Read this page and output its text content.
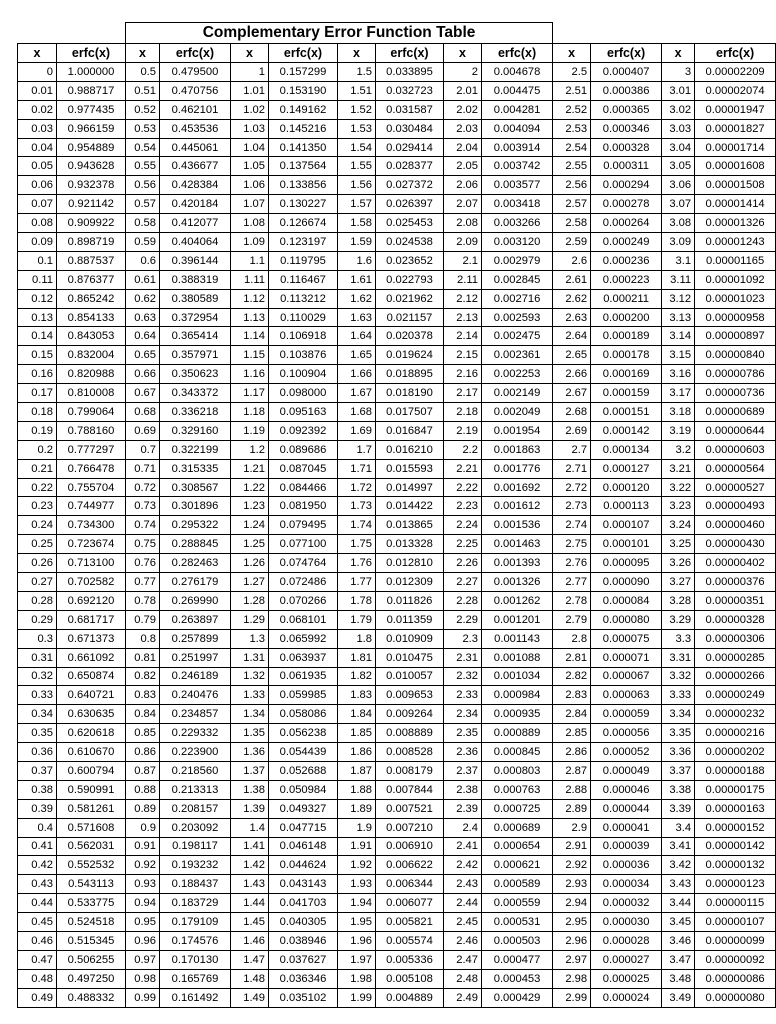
		Complementary Error Function Table											
x	erfc(x)	x	erfc(x)	x	erfc(x)	x	erfc(x)	x	erfc(x)	x	erfc(x)	x	erfc(x)
0	1.000000	0.5	0.479500	1	0.157299	1.5	0.033895	2	0.004678	2.5	0.000407	3	0.00002209
0.01	0.988717	0.51	0.470756	1.01	0.153190	1.51	0.032723	2.01	0.004475	2.51	0.000386	3.01	0.00002074
0.02	0.977435	0.52	0.462101	1.02	0.149162	1.52	0.031587	2.02	0.004281	2.52	0.000365	3.02	0.00001947
0.03	0.966159	0.53	0.453536	1.03	0.145216	1.53	0.030484	2.03	0.004094	2.53	0.000346	3.03	0.00001827
0.04	0.954889	0.54	0.445061	1.04	0.141350	1.54	0.029414	2.04	0.003914	2.54	0.000328	3.04	0.00001714
0.05	0.943628	0.55	0.436677	1.05	0.137564	1.55	0.028377	2.05	0.003742	2.55	0.000311	3.05	0.00001608
0.06	0.932378	0.56	0.428384	1.06	0.133856	1.56	0.027372	2.06	0.003577	2.56	0.000294	3.06	0.00001508
0.07	0.921142	0.57	0.420184	1.07	0.130227	1.57	0.026397	2.07	0.003418	2.57	0.000278	3.07	0.00001414
0.08	0.909922	0.58	0.412077	1.08	0.126674	1.58	0.025453	2.08	0.003266	2.58	0.000264	3.08	0.00001326
0.09	0.898719	0.59	0.404064	1.09	0.123197	1.59	0.024538	2.09	0.003120	2.59	0.000249	3.09	0.00001243
0.1	0.887537	0.6	0.396144	1.1	0.119795	1.6	0.023652	2.1	0.002979	2.6	0.000236	3.1	0.00001165
0.11	0.876377	0.61	0.388319	1.11	0.116467	1.61	0.022793	2.11	0.002845	2.61	0.000223	3.11	0.00001092
0.12	0.865242	0.62	0.380589	1.12	0.113212	1.62	0.021962	2.12	0.002716	2.62	0.000211	3.12	0.00001023
0.13	0.854133	0.63	0.372954	1.13	0.110029	1.63	0.021157	2.13	0.002593	2.63	0.000200	3.13	0.00000958
0.14	0.843053	0.64	0.365414	1.14	0.106918	1.64	0.020378	2.14	0.002475	2.64	0.000189	3.14	0.00000897
0.15	0.832004	0.65	0.357971	1.15	0.103876	1.65	0.019624	2.15	0.002361	2.65	0.000178	3.15	0.00000840
0.16	0.820988	0.66	0.350623	1.16	0.100904	1.66	0.018895	2.16	0.002253	2.66	0.000169	3.16	0.00000786
0.17	0.810008	0.67	0.343372	1.17	0.098000	1.67	0.018190	2.17	0.002149	2.67	0.000159	3.17	0.00000736
0.18	0.799064	0.68	0.336218	1.18	0.095163	1.68	0.017507	2.18	0.002049	2.68	0.000151	3.18	0.00000689
0.19	0.788160	0.69	0.329160	1.19	0.092392	1.69	0.016847	2.19	0.001954	2.69	0.000142	3.19	0.00000644
0.2	0.777297	0.7	0.322199	1.2	0.089686	1.7	0.016210	2.2	0.001863	2.7	0.000134	3.2	0.00000603
0.21	0.766478	0.71	0.315335	1.21	0.087045	1.71	0.015593	2.21	0.001776	2.71	0.000127	3.21	0.00000564
0.22	0.755704	0.72	0.308567	1.22	0.084466	1.72	0.014997	2.22	0.001692	2.72	0.000120	3.22	0.00000527
0.23	0.744977	0.73	0.301896	1.23	0.081950	1.73	0.014422	2.23	0.001612	2.73	0.000113	3.23	0.00000493
0.24	0.734300	0.74	0.295322	1.24	0.079495	1.74	0.013865	2.24	0.001536	2.74	0.000107	3.24	0.00000460
0.25	0.723674	0.75	0.288845	1.25	0.077100	1.75	0.013328	2.25	0.001463	2.75	0.000101	3.25	0.00000430
0.26	0.713100	0.76	0.282463	1.26	0.074764	1.76	0.012810	2.26	0.001393	2.76	0.000095	3.26	0.00000402
0.27	0.702582	0.77	0.276179	1.27	0.072486	1.77	0.012309	2.27	0.001326	2.77	0.000090	3.27	0.00000376
0.28	0.692120	0.78	0.269990	1.28	0.070266	1.78	0.011826	2.28	0.001262	2.78	0.000084	3.28	0.00000351
0.29	0.681717	0.79	0.263897	1.29	0.068101	1.79	0.011359	2.29	0.001201	2.79	0.000080	3.29	0.00000328
0.3	0.671373	0.8	0.257899	1.3	0.065992	1.8	0.010909	2.3	0.001143	2.8	0.000075	3.3	0.00000306
0.31	0.661092	0.81	0.251997	1.31	0.063937	1.81	0.010475	2.31	0.001088	2.81	0.000071	3.31	0.00000285
0.32	0.650874	0.82	0.246189	1.32	0.061935	1.82	0.010057	2.32	0.001034	2.82	0.000067	3.32	0.00000266
0.33	0.640721	0.83	0.240476	1.33	0.059985	1.83	0.009653	2.33	0.000984	2.83	0.000063	3.33	0.00000249
0.34	0.630635	0.84	0.234857	1.34	0.058086	1.84	0.009264	2.34	0.000935	2.84	0.000059	3.34	0.00000232
0.35	0.620618	0.85	0.229332	1.35	0.056238	1.85	0.008889	2.35	0.000889	2.85	0.000056	3.35	0.00000216
0.36	0.610670	0.86	0.223900	1.36	0.054439	1.86	0.008528	2.36	0.000845	2.86	0.000052	3.36	0.00000202
0.37	0.600794	0.87	0.218560	1.37	0.052688	1.87	0.008179	2.37	0.000803	2.87	0.000049	3.37	0.00000188
0.38	0.590991	0.88	0.213313	1.38	0.050984	1.88	0.007844	2.38	0.000763	2.88	0.000046	3.38	0.00000175
0.39	0.581261	0.89	0.208157	1.39	0.049327	1.89	0.007521	2.39	0.000725	2.89	0.000044	3.39	0.00000163
0.4	0.571608	0.9	0.203092	1.4	0.047715	1.9	0.007210	2.4	0.000689	2.9	0.000041	3.4	0.00000152
0.41	0.562031	0.91	0.198117	1.41	0.046148	1.91	0.006910	2.41	0.000654	2.91	0.000039	3.41	0.00000142
0.42	0.552532	0.92	0.193232	1.42	0.044624	1.92	0.006622	2.42	0.000621	2.92	0.000036	3.42	0.00000132
0.43	0.543113	0.93	0.188437	1.43	0.043143	1.93	0.006344	2.43	0.000589	2.93	0.000034	3.43	0.00000123
0.44	0.533775	0.94	0.183729	1.44	0.041703	1.94	0.006077	2.44	0.000559	2.94	0.000032	3.44	0.00000115
0.45	0.524518	0.95	0.179109	1.45	0.040305	1.95	0.005821	2.45	0.000531	2.95	0.000030	3.45	0.00000107
0.46	0.515345	0.96	0.174576	1.46	0.038946	1.96	0.005574	2.46	0.000503	2.96	0.000028	3.46	0.00000099
0.47	0.506255	0.97	0.170130	1.47	0.037627	1.97	0.005336	2.47	0.000477	2.97	0.000027	3.47	0.00000092
0.48	0.497250	0.98	0.165769	1.48	0.036346	1.98	0.005108	2.48	0.000453	2.98	0.000025	3.48	0.00000086
0.49	0.488332	0.99	0.161492	1.49	0.035102	1.99	0.004889	2.49	0.000429	2.99	0.000024	3.49	0.00000080
